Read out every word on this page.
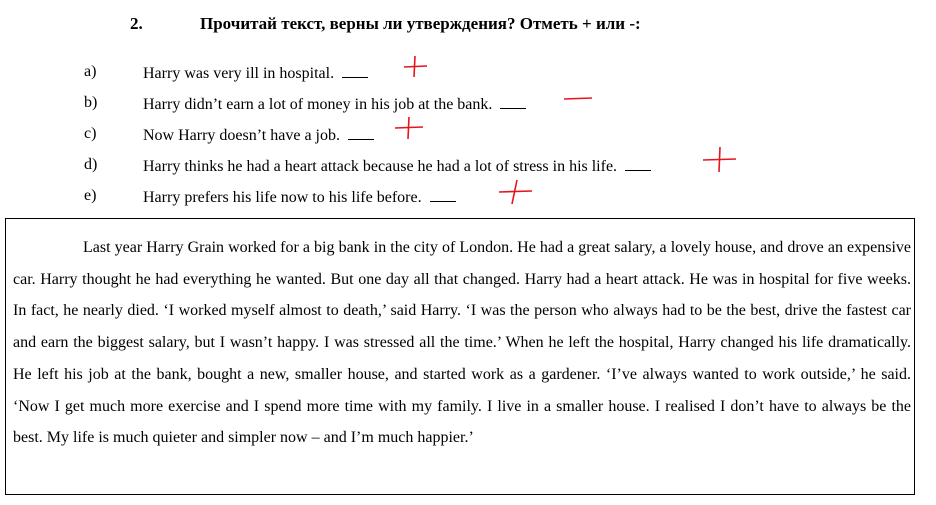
2.	Прочитай текст, верны ли утверждения? Отметь + или -:
a)	Harry was very ill in hospital.
b)	Harry didn’t earn a lot of money in his job at the bank.
c)	Now Harry doesn’t have a job.
d)	Harry thinks he had a heart attack because he had a lot of stress in his life.
e)	Harry prefers his life now to his life before.

Last year Harry Grain worked for a big bank in the city of London. He had a great salary, a lovely house, and drove an expensive car. Harry thought he had everything he wanted. But one day all that changed. Harry had a heart attack. He was in hospital for five weeks. In fact, he nearly died. ‘I worked myself almost to death,’ said Harry. ‘I was the person who always had to be the best, drive the fastest car and earn the biggest salary, but I wasn’t happy. I was stressed all the time.’ When he left the hospital, Harry changed his life dramatically. He left his job at the bank, bought a new, smaller house, and started work as a gardener. ‘I’ve always wanted to work outside,’ he said. ‘Now I get much more exercise and I spend more time with my family. I live in a smaller house. I realised I don’t have to always be the best. My life is much quieter and simpler now – and I’m much happier.’
